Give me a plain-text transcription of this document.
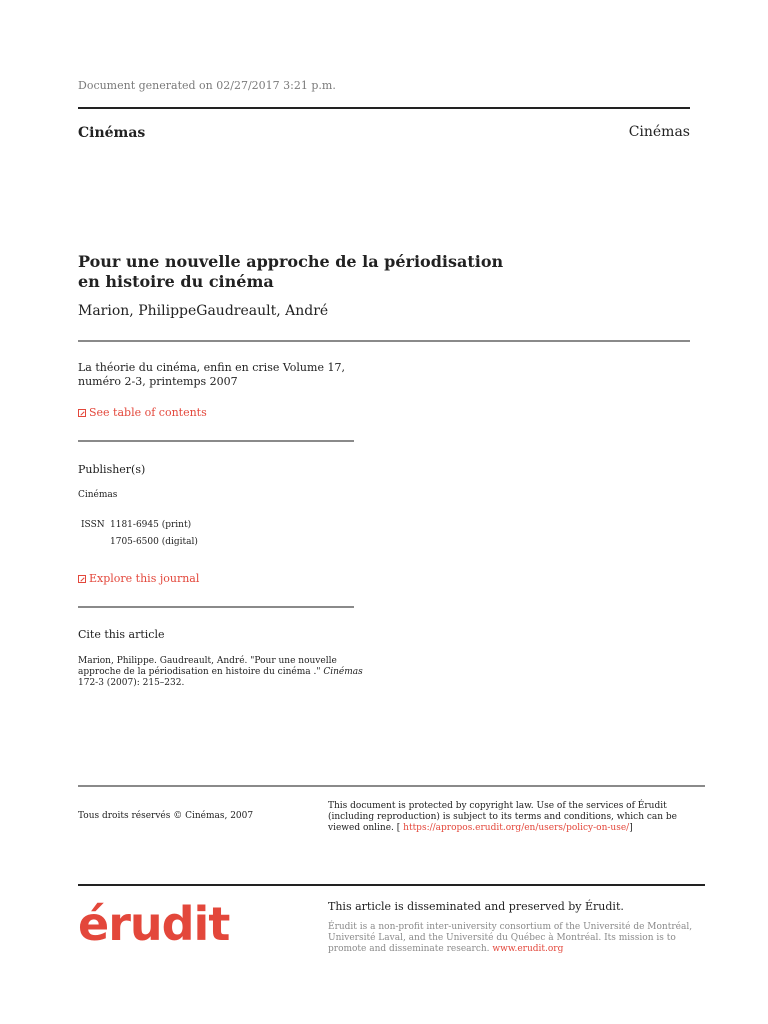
Document generated on 02/27/2017 3:21 p.m.
Cinémas	Cinémas
Pour une nouvelle approche de la périodisation en histoire du cinéma
Marion, PhilippeGaudreault, André
La théorie du cinéma, enfin en crise Volume 17, numéro 2-3, printemps 2007
See table of contents
Publisher(s)
Cinémas
ISSN 1181-6945 (print)
1705-6500 (digital)
Explore this journal
Cite this article
Marion, Philippe. Gaudreault, André. "Pour une nouvelle approche de la périodisation en histoire du cinéma ." Cinémas
172-3 (2007): 215–232.
Tous droits réservés © Cinémas, 2007
This document is protected by copyright law. Use of the services of Érudit (including reproduction) is subject to its terms and conditions, which can be viewed online. [ https://apropos.erudit.org/en/users/policy-on-use/]
érudit	This article is disseminated and preserved by Érudit.
Érudit is a non-profit inter-university consortium of the Université de Montréal, Université Laval, and the Université du Québec à Montréal. Its mission is to promote and disseminate research. www.erudit.org
